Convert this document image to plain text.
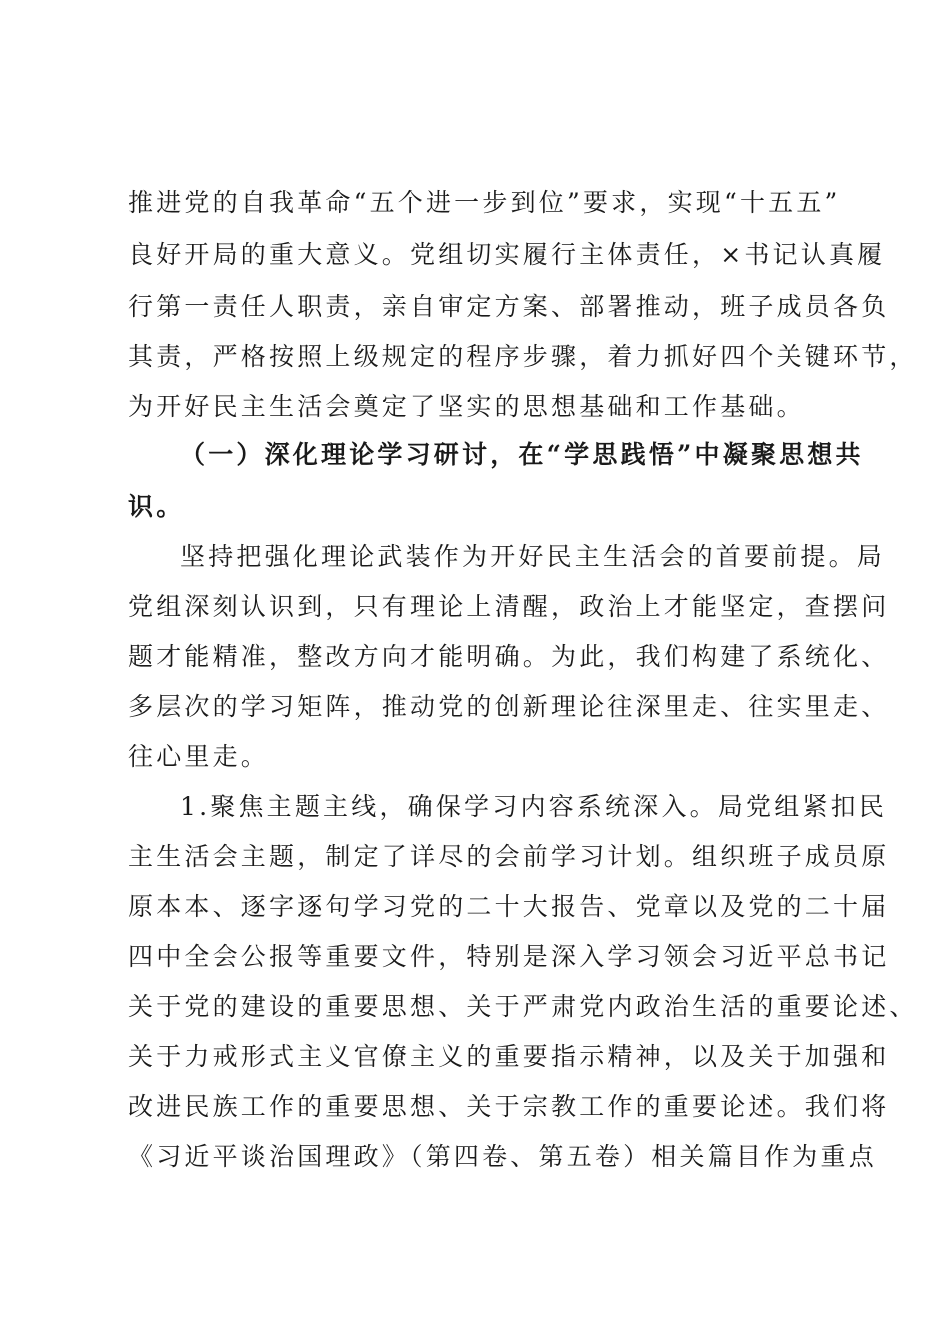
推进党的自我革命“五个进一步到位”要求，实现“十五五”
良好开局的重大意义。党组切实履行主体责任，×书记认真履
行第一责任人职责，亲自审定方案、部署推动，班子成员各负
其责，严格按照上级规定的程序步骤，着力抓好四个关键环节，
为开好民主生活会奠定了坚实的思想基础和工作基础。
（一）深化理论学习研讨，在“学思践悟”中凝聚思想共
识。
坚持把强化理论武装作为开好民主生活会的首要前提。局
党组深刻认识到，只有理论上清醒，政治上才能坚定，查摆问
题才能精准，整改方向才能明确。为此，我们构建了系统化、
多层次的学习矩阵，推动党的创新理论往深里走、往实里走、
往心里走。
1.聚焦主题主线，确保学习内容系统深入。局党组紧扣民
主生活会主题，制定了详尽的会前学习计划。组织班子成员原
原本本、逐字逐句学习党的二十大报告、党章以及党的二十届
四中全会公报等重要文件，特别是深入学习领会习近平总书记
关于党的建设的重要思想、关于严肃党内政治生活的重要论述、
关于力戒形式主义官僚主义的重要指示精神，以及关于加强和
改进民族工作的重要思想、关于宗教工作的重要论述。我们将
《习近平谈治国理政》（第四卷、第五卷）相关篇目作为重点
